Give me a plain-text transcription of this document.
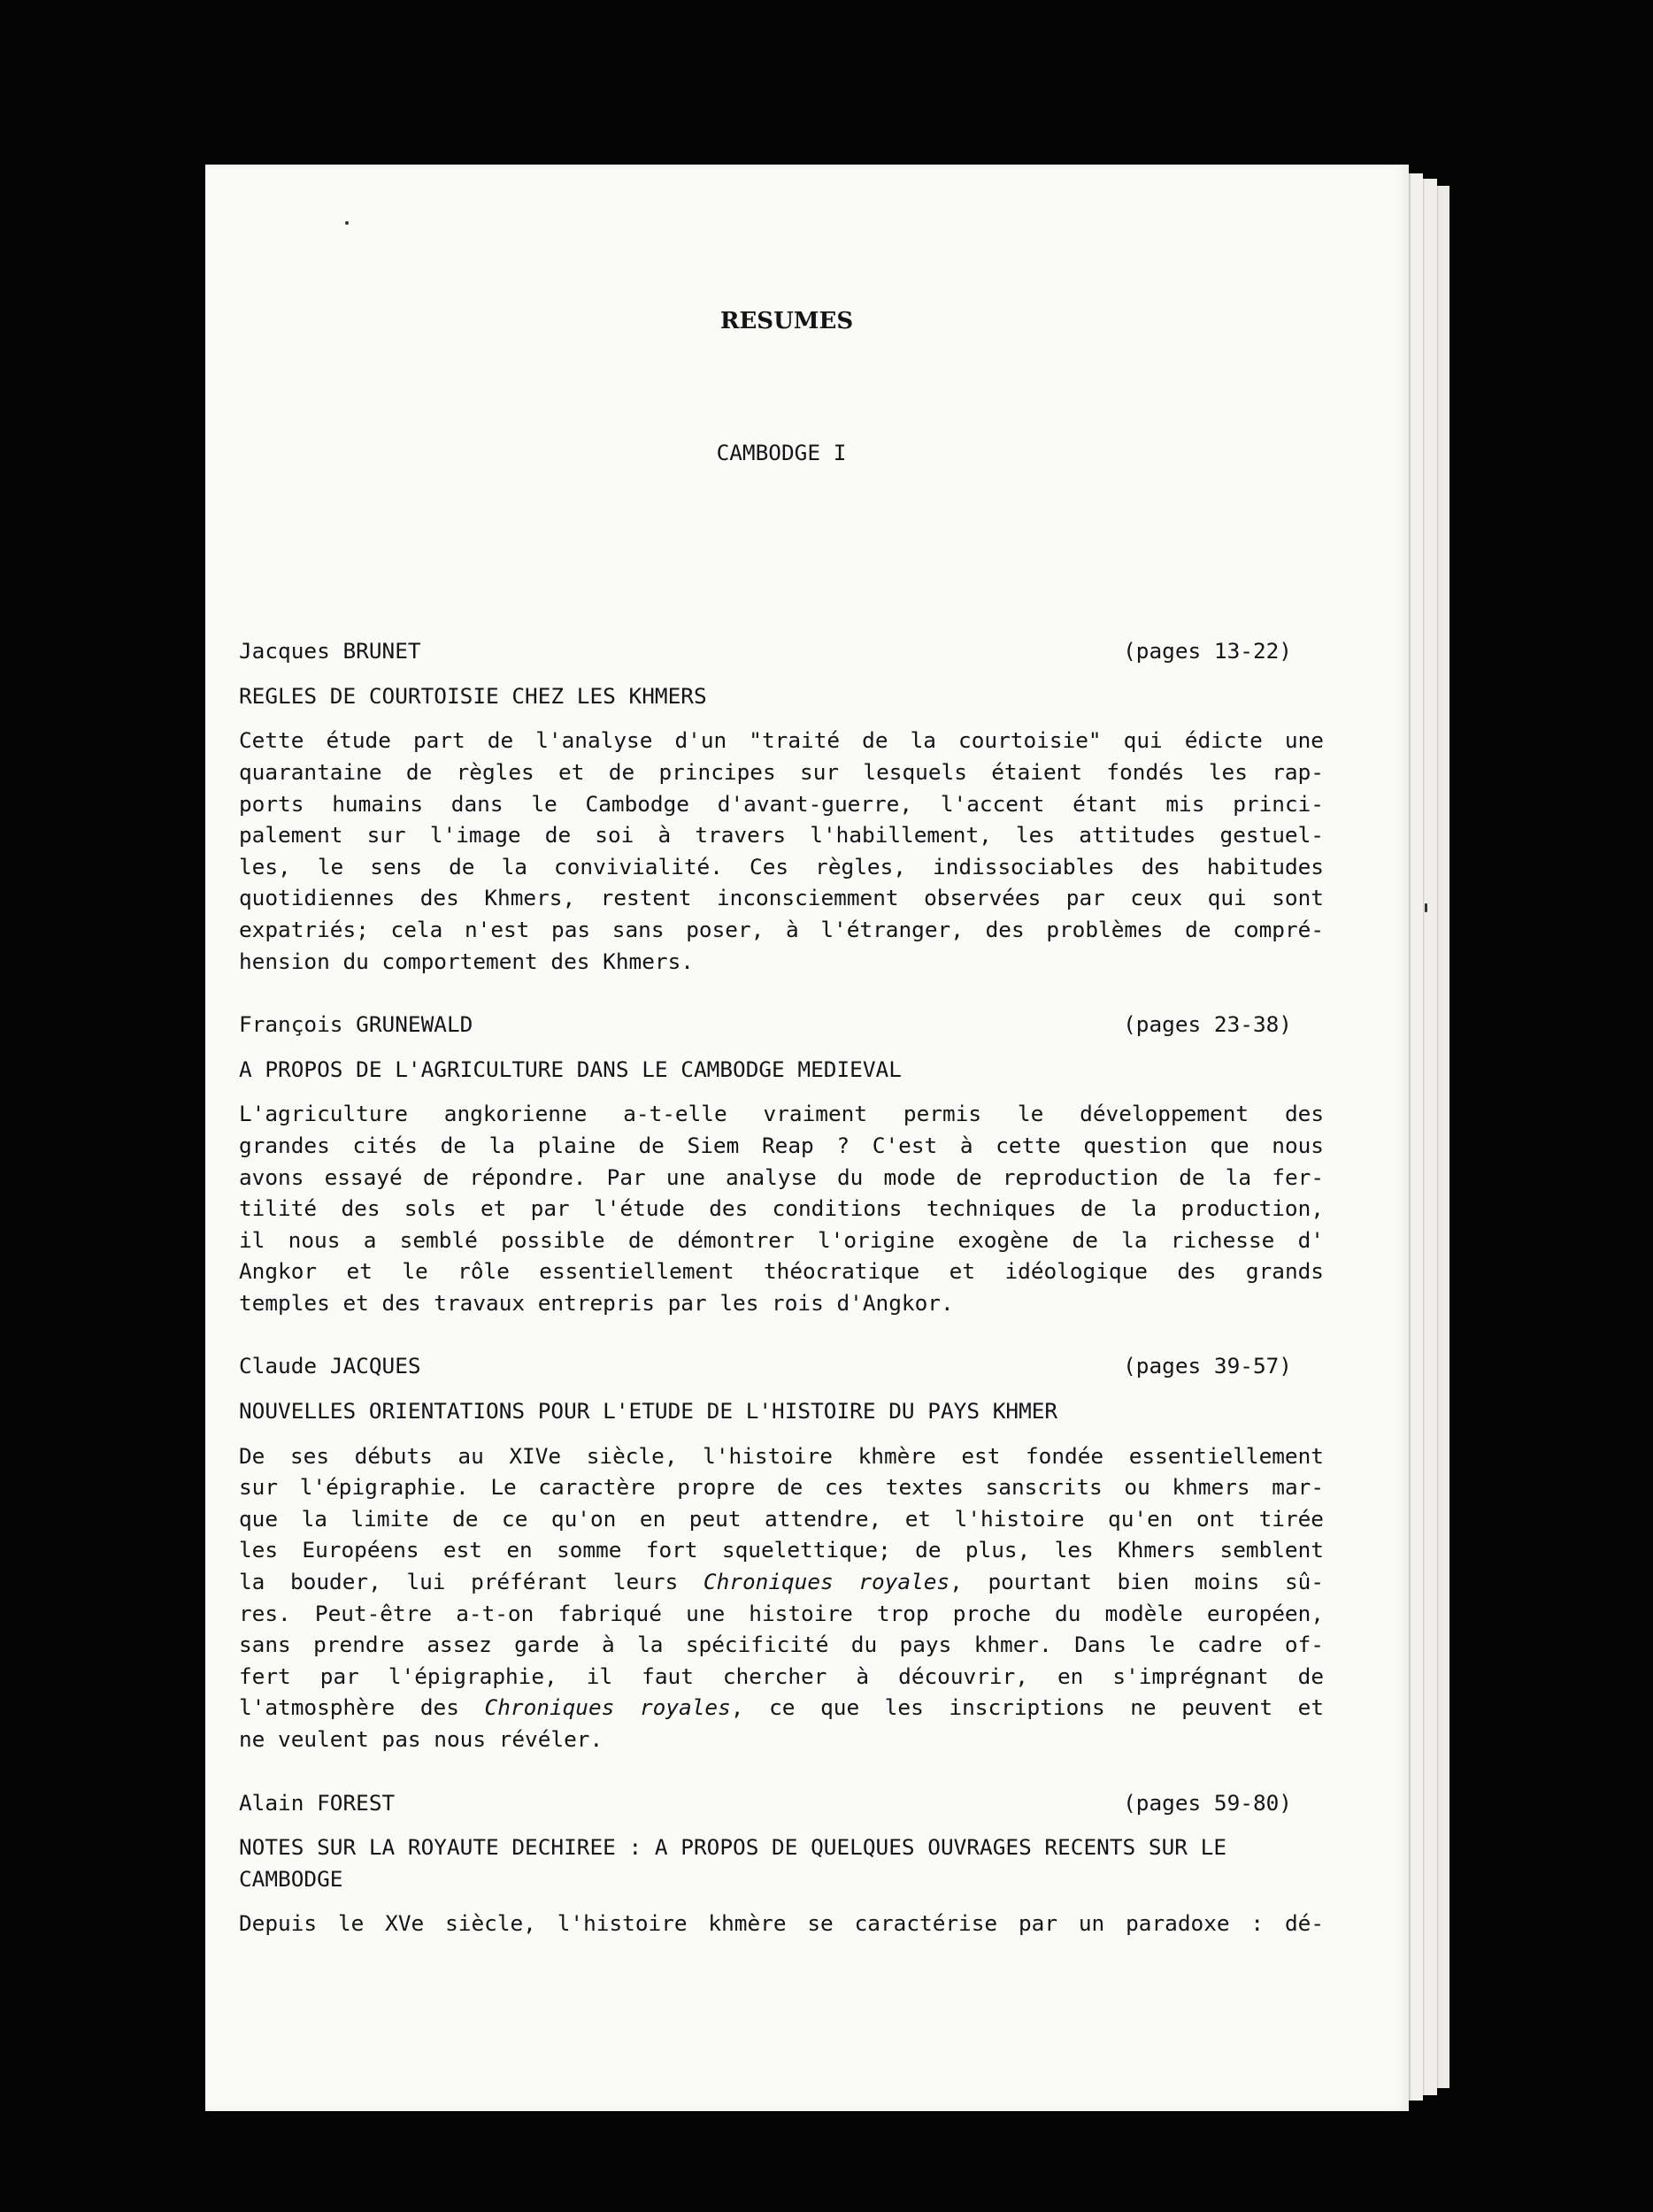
RESUMES
CAMBODGE I
Jacques BRUNET	(pages 13-22)
REGLES DE COURTOISIE CHEZ LES KHMERS

Cette étude part de l'analyse d'un "traité de la courtoisie" qui édicte une
quarantaine de règles et de principes sur lesquels étaient fondés les rap-
ports humains dans le Cambodge d'avant-guerre, l'accent étant mis princi-
palement sur l'image de soi à travers l'habillement, les attitudes gestuel-
les, le sens de la convivialité. Ces règles, indissociables des habitudes
quotidiennes des Khmers, restent inconsciemment observées par ceux qui sont
expatriés; cela n'est pas sans poser, à l'étranger, des problèmes de compré-
hension du comportement des Khmers.

François GRUNEWALD	(pages 23-38)
A PROPOS DE L'AGRICULTURE DANS LE CAMBODGE MEDIEVAL

L'agriculture angkorienne a-t-elle vraiment permis le développement des
grandes cités de la plaine de Siem Reap ? C'est à cette question que nous
avons essayé de répondre. Par une analyse du mode de reproduction de la fer-
tilité des sols et par l'étude des conditions techniques de la production,
il nous a semblé possible de démontrer l'origine exogène de la richesse d'
Angkor et le rôle essentiellement théocratique et idéologique des grands
temples et des travaux entrepris par les rois d'Angkor.

Claude JACQUES	(pages 39-57)
NOUVELLES ORIENTATIONS POUR L'ETUDE DE L'HISTOIRE DU PAYS KHMER

De ses débuts au XIVe siècle, l'histoire khmère est fondée essentiellement
sur l'épigraphie. Le caractère propre de ces textes sanscrits ou khmers mar-
que la limite de ce qu'on en peut attendre, et l'histoire qu'en ont tirée
les Européens est en somme fort squelettique; de plus, les Khmers semblent
la bouder, lui préférant leurs Chroniques royales, pourtant bien moins sû-
res. Peut-être a-t-on fabriqué une histoire trop proche du modèle européen,
sans prendre assez garde à la spécificité du pays khmer. Dans le cadre of-
fert par l'épigraphie, il faut chercher à découvrir, en s'imprégnant de
l'atmosphère des Chroniques royales, ce que les inscriptions ne peuvent et
ne veulent pas nous révéler.

Alain FOREST	(pages 59-80)
NOTES SUR LA ROYAUTE DECHIREE : A PROPOS DE QUELQUES OUVRAGES RECENTS SUR LE CAMBODGE

Depuis le XVe siècle, l'histoire khmère se caractérise par un paradoxe : dé-
